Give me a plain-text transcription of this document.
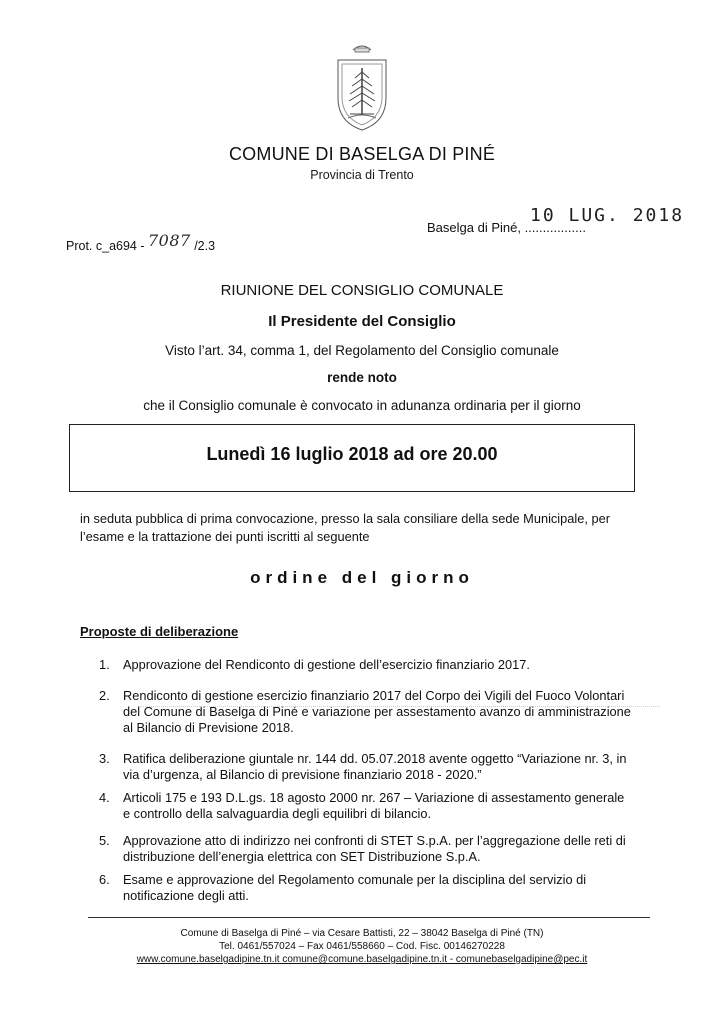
COMUNE DI BASELGA DI PINÉ
Provincia di Trento
10 LUG. 2018
Baselga di Piné, .................
Prot. c_a694 - 7087 /2.3
RIUNIONE DEL CONSIGLIO COMUNALE
Il Presidente del Consiglio
Visto l’art. 34, comma 1, del Regolamento del Consiglio comunale
rende noto
che il Consiglio comunale è convocato in adunanza ordinaria per il giorno
Lunedì 16 luglio 2018 ad ore 20.00
in seduta pubblica di prima convocazione, presso la sala consiliare della sede Municipale, per
l’esame e la trattazione dei punti iscritti al seguente
ordine del giorno
Proposte di deliberazione
1.	Approvazione del Rendiconto di gestione dell’esercizio finanziario 2017.
2.	Rendiconto di gestione esercizio finanziario 2017 del Corpo dei Vigili del Fuoco Volontari
del Comune di Baselga di Piné e variazione per assestamento avanzo di amministrazione
al Bilancio di Previsione 2018.
3.	Ratifica deliberazione giuntale nr. 144 dd. 05.07.2018 avente oggetto “Variazione nr. 3, in
via d’urgenza, al Bilancio di previsione finanziario 2018 - 2020.”
4.	Articoli 175 e 193 D.L.gs. 18 agosto 2000 nr. 267 – Variazione di assestamento generale
e controllo della salvaguardia degli equilibri di bilancio.
5.	Approvazione atto di indirizzo nei confronti di STET S.p.A. per l’aggregazione delle reti di
distribuzione dell’energia elettrica con SET Distribuzione S.p.A.
6.	Esame e approvazione del Regolamento comunale per la disciplina del servizio di
notificazione degli atti.
Comune di Baselga di Piné – via Cesare Battisti, 22 – 38042 Baselga di Piné (TN)
Tel. 0461/557024 – Fax 0461/558660 – Cod. Fisc. 00146270228
www.comune.baselgadipine.tn.it comune@comune.baselgadipine.tn.it - comunebaselgadipine@pec.it
